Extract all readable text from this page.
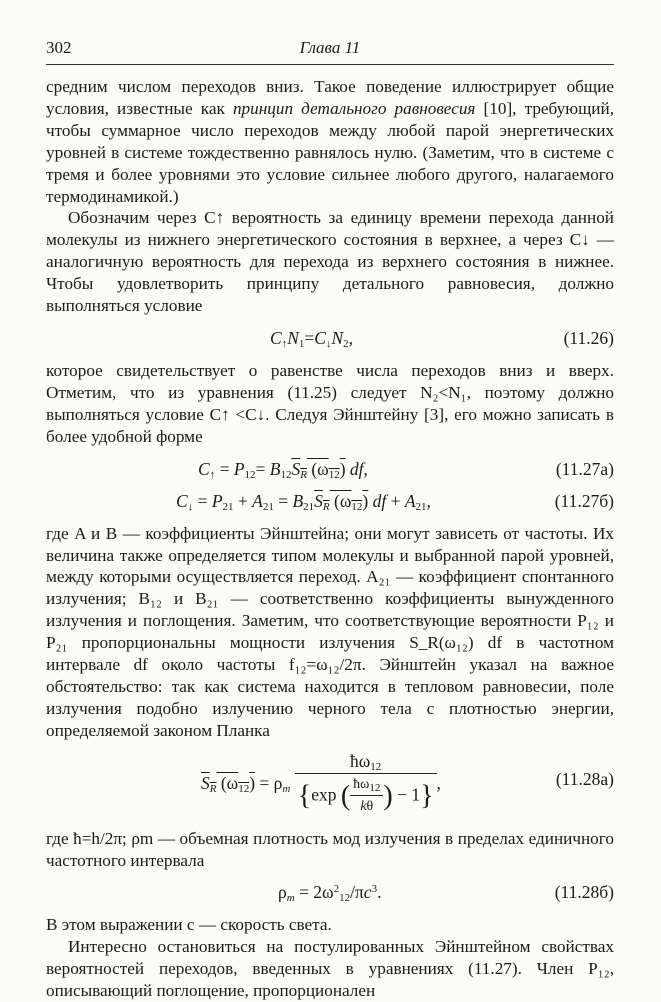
302	Глава 11

средним числом переходов вниз. Такое поведение иллюстрирует общие условия, известные как принцип детального равновесия [10], требующий, чтобы суммарное число переходов между любой парой энергетических уровней в системе тождественно равнялось нулю. (Заметим, что в системе с тремя и более уровнями это условие сильнее любого другого, налагаемого термодинамикой.)

Обозначим через C↑ вероятность за единицу времени перехода данной молекулы из нижнего энергетического состояния в верхнее, а через C↓ — аналогичную вероятность для перехода из верхнего состояния в нижнее. Чтобы удовлетворить принципу детального равновесия, должно выполняться условие

$C_↑N_1=C_↓N_2$,	(11.26)

которое свидетельствует о равенстве числа переходов вниз и вверх. Отметим, что из уравнения (11.25) следует N₂<N₁, поэтому должно выполняться условие C↑ <C↓. Следуя Эйнштейну [3], его можно записать в более удобной форме

$C_↑ = P_{12}= B_{12}S_R$ $(\omega_{12})$ df,	(11.27а)
$C_↓ = P_{21} + A_{21} = B_{21}S_R$ $(\omega_{12})$ df + $A_{21}$,	(11.27б)

где A и B — коэффициенты Эйнштейна; они могут зависеть от частоты. Их величина также определяется типом молекулы и выбранной парой уровней, между которыми осуществляется переход. A₂₁ — коэффициент спонтанного излучения; B₁₂ и B₂₁ — соответственно коэффициенты вынужденного излучения и поглощения. Заметим, что соответствующие вероятности P₁₂ и P₂₁ пропорциональны мощности излучения S_R(ω₁₂) df в частотном интервале df около частоты f₁₂=ω₁₂/2π. Эйнштейн указал на важное обстоятельство: так как система находится в тепловом равновесии, поле излучения подобно излучению черного тела с плотностью энергии, определяемой законом Планка

$S_R$ $(\omega_{12}) = \rho_m \frac{ħ\omega_{12}}{\{\exp ( \frac{ħ\omega_{12}}{k\theta} ) - 1\}}$ ,	(11.28а)

где ħ=h/2π; ρm — объемная плотность мод излучения в пределах единичного частотного интервала

$\rho_m = 2\omega^2_{12}/\pi c^3$.	(11.28б)

В этом выражении c — скорость света.

Интересно остановиться на постулированных Эйнштейном свойствах вероятностей переходов, введенных в уравнениях (11.27). Член P₁₂, описывающий поглощение, пропорционален
